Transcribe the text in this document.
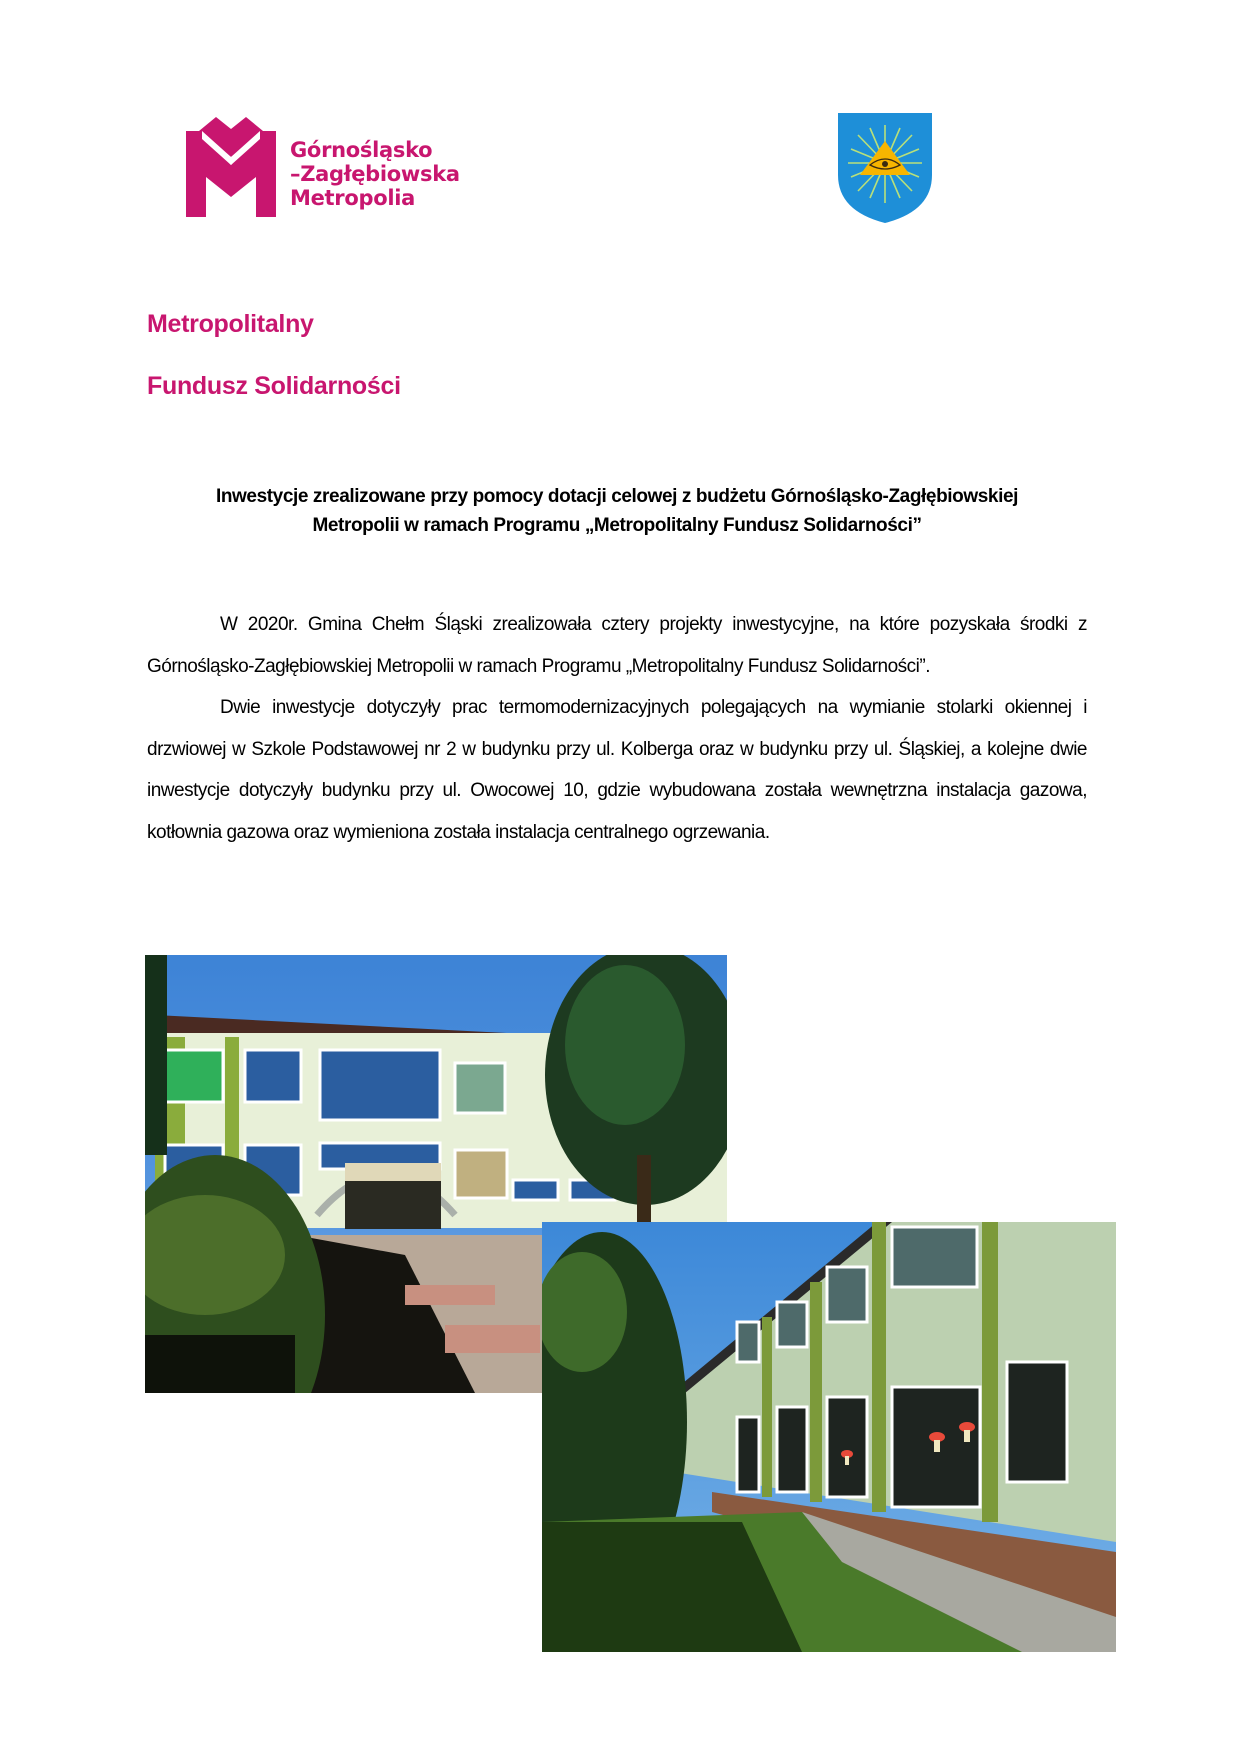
Górnośląsko
–Zagłębiowska
Metropolia
Metropolitalny
Fundusz Solidarności
Inwestycje zrealizowane przy pomocy dotacji celowej z budżetu Górnośląsko-Zagłębiowskiej
Metropolii w ramach Programu „Metropolitalny Fundusz Solidarności”

W 2020r. Gmina Chełm Śląski zrealizowała cztery projekty inwestycyjne, na które pozyskała środki z Górnośląsko-Zagłębiowskiej Metropolii w ramach Programu „Metropolitalny Fundusz Solidarności”.

Dwie inwestycje dotyczyły prac termomodernizacyjnych polegających na wymianie stolarki okiennej i drzwiowej w Szkole Podstawowej nr 2 w budynku przy ul. Kolberga oraz w budynku przy ul. Śląskiej, a kolejne dwie inwestycje dotyczyły budynku przy ul. Owocowej 10, gdzie wybudowana została wewnętrzna instalacja gazowa, kotłownia gazowa oraz wymieniona została instalacja centralnego ogrzewania.
